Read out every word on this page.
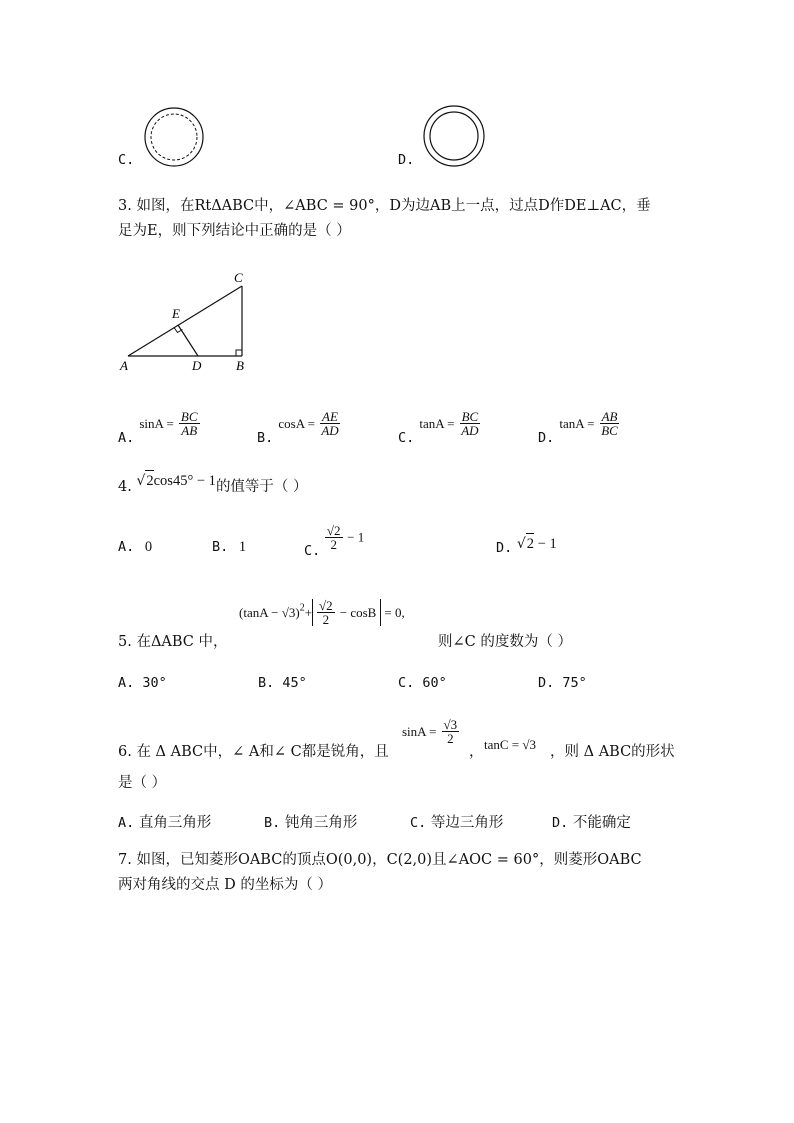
C.	D.
3. 如图，在RtΔABC中，∠ABC = 90°，D为边AB上一点，过点D作DE⊥AC，垂
足为E，则下列结论中正确的是（ ）
C
E
A	D	B
$_{A.}$ $\sin A = \frac{BC}{AB}$
$_{B.}$ $\cos A = \frac{AE}{AD}$
$_{C.}$ $\tan A = \frac{BC}{AD}$
$_{D.}$ $\tan A = \frac{AB}{BC}$
4. √2cos45° − 1的值等于（ ）
A. 0	B. 1	C. $\frac{√2}{2} - 1$
D. √2 − 1
5. 在ΔABC 中，
$(\tan A - √3)^2+ \frac{√2}{2} - \cos B = 0$,
则∠C 的度数为（ ）
A. 30°	B. 45°	C. 60°	D. 75°
6. 在 Δ ABC中，∠ A和∠ C都是锐角，且
$\sin A = \frac{√3}{2}$
， tanC = √3 ，则 Δ ABC的形状
是（ ）
A. 直角三角形	B. 钝角三角形	C. 等边三角形	D. 不能确定
7. 如图，已知菱形OABC的顶点O(0,0)，C(2,0)且∠AOC = 60°，则菱形OABC
两对角线的交点 D 的坐标为（ ）
